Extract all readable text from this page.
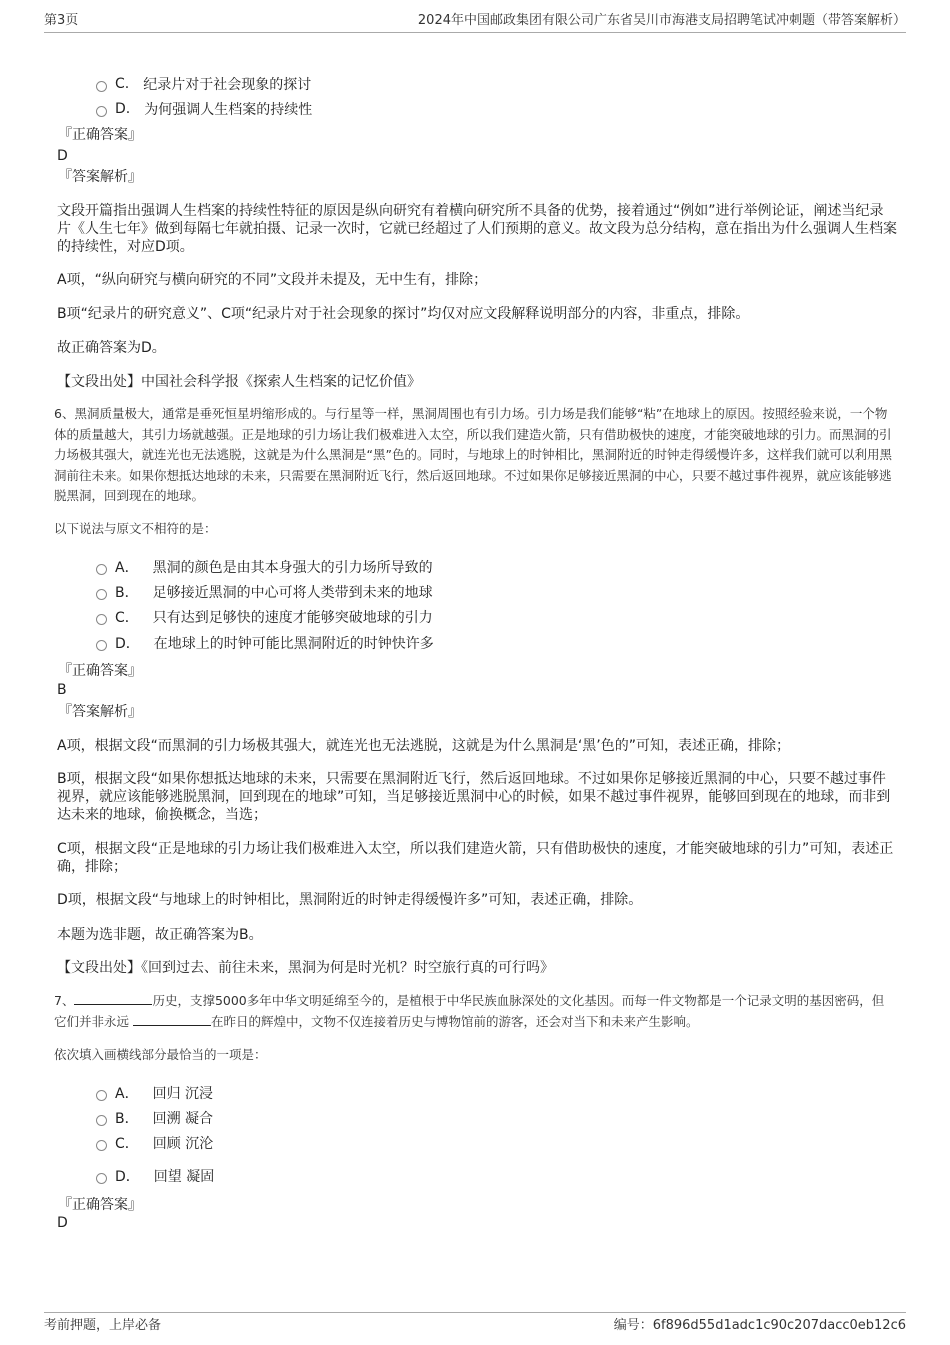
第3页	2024年中国邮政集团有限公司广东省吴川市海港支局招聘笔试冲刺题（带答案解析）
C. 纪录片对于社会现象的探讨
D. 为何强调人生档案的持续性
『正确答案』
D
『答案解析』
文段开篇指出强调人生档案的持续性特征的原因是纵向研究有着横向研究所不具备的优势，接着通过“例如”进行举例论证，阐述当纪录片《人生七年》做到每隔七年就拍摄、记录一次时，它就已经超过了人们预期的意义。故文段为总分结构，意在指出为什么强调人生档案的持续性，对应D项。
A项，“纵向研究与横向研究的不同”文段并未提及，无中生有，排除；
B项“纪录片的研究意义”、C项“纪录片对于社会现象的探讨”均仅对应文段解释说明部分的内容，非重点，排除。
故正确答案为D。
【文段出处】中国社会科学报《探索人生档案的记忆价值》
6、黑洞质量极大，通常是垂死恒星坍缩形成的。与行星等一样，黑洞周围也有引力场。引力场是我们能够“粘”在地球上的原因。按照经验来说，一个物体的质量越大，其引力场就越强。正是地球的引力场让我们极难进入太空，所以我们建造火箭，只有借助极快的速度，才能突破地球的引力。而黑洞的引力场极其强大，就连光也无法逃脱，这就是为什么黑洞是“黑”色的。同时，与地球上的时钟相比，黑洞附近的时钟走得缓慢许多，这样我们就可以利用黑洞前往未来。如果你想抵达地球的未来，只需要在黑洞附近飞行，然后返回地球。不过如果你足够接近黑洞的中心，只要不越过事件视界，就应该能够逃脱黑洞，回到现在的地球。
以下说法与原文不相符的是：
A． 黑洞的颜色是由其本身强大的引力场所导致的
B． 足够接近黑洞的中心可将人类带到未来的地球
C． 只有达到足够快的速度才能够突破地球的引力
D． 在地球上的时钟可能比黑洞附近的时钟快许多
『正确答案』
B
『答案解析』
A项，根据文段“而黑洞的引力场极其强大，就连光也无法逃脱，这就是为什么黑洞是‘黑’色的”可知，表述正确，排除；
B项，根据文段“如果你想抵达地球的未来，只需要在黑洞附近飞行，然后返回地球。不过如果你足够接近黑洞的中心，只要不越过事件视界，就应该能够逃脱黑洞，回到现在的地球”可知，当足够接近黑洞中心的时候，如果不越过事件视界，能够回到现在的地球，而非到达未来的地球，偷换概念，当选；
C项，根据文段“正是地球的引力场让我们极难进入太空，所以我们建造火箭，只有借助极快的速度，才能突破地球的引力”可知，表述正确，排除；
D项，根据文段“与地球上的时钟相比，黑洞附近的时钟走得缓慢许多”可知，表述正确，排除。
本题为选非题，故正确答案为B。
【文段出处】《回到过去、前往未来，黑洞为何是时光机？时空旅行真的可行吗》
7、	历史，支撑5000多年中华文明延绵至今的，是植根于中华民族血脉深处的文化基因。而每一件文物都是一个记录文明的基因密码，但它们并非永远	在昨日的辉煌中，文物不仅连接着历史与博物馆前的游客，还会对当下和未来产生影响。
依次填入画横线部分最恰当的一项是：
A． 回归 沉浸
B． 回溯 凝合
C． 回顾 沉沦
D． 回望 凝固
『正确答案』
D
考前押题，上岸必备	编号：6f896d55d1adc1c90c207dacc0eb12c6
